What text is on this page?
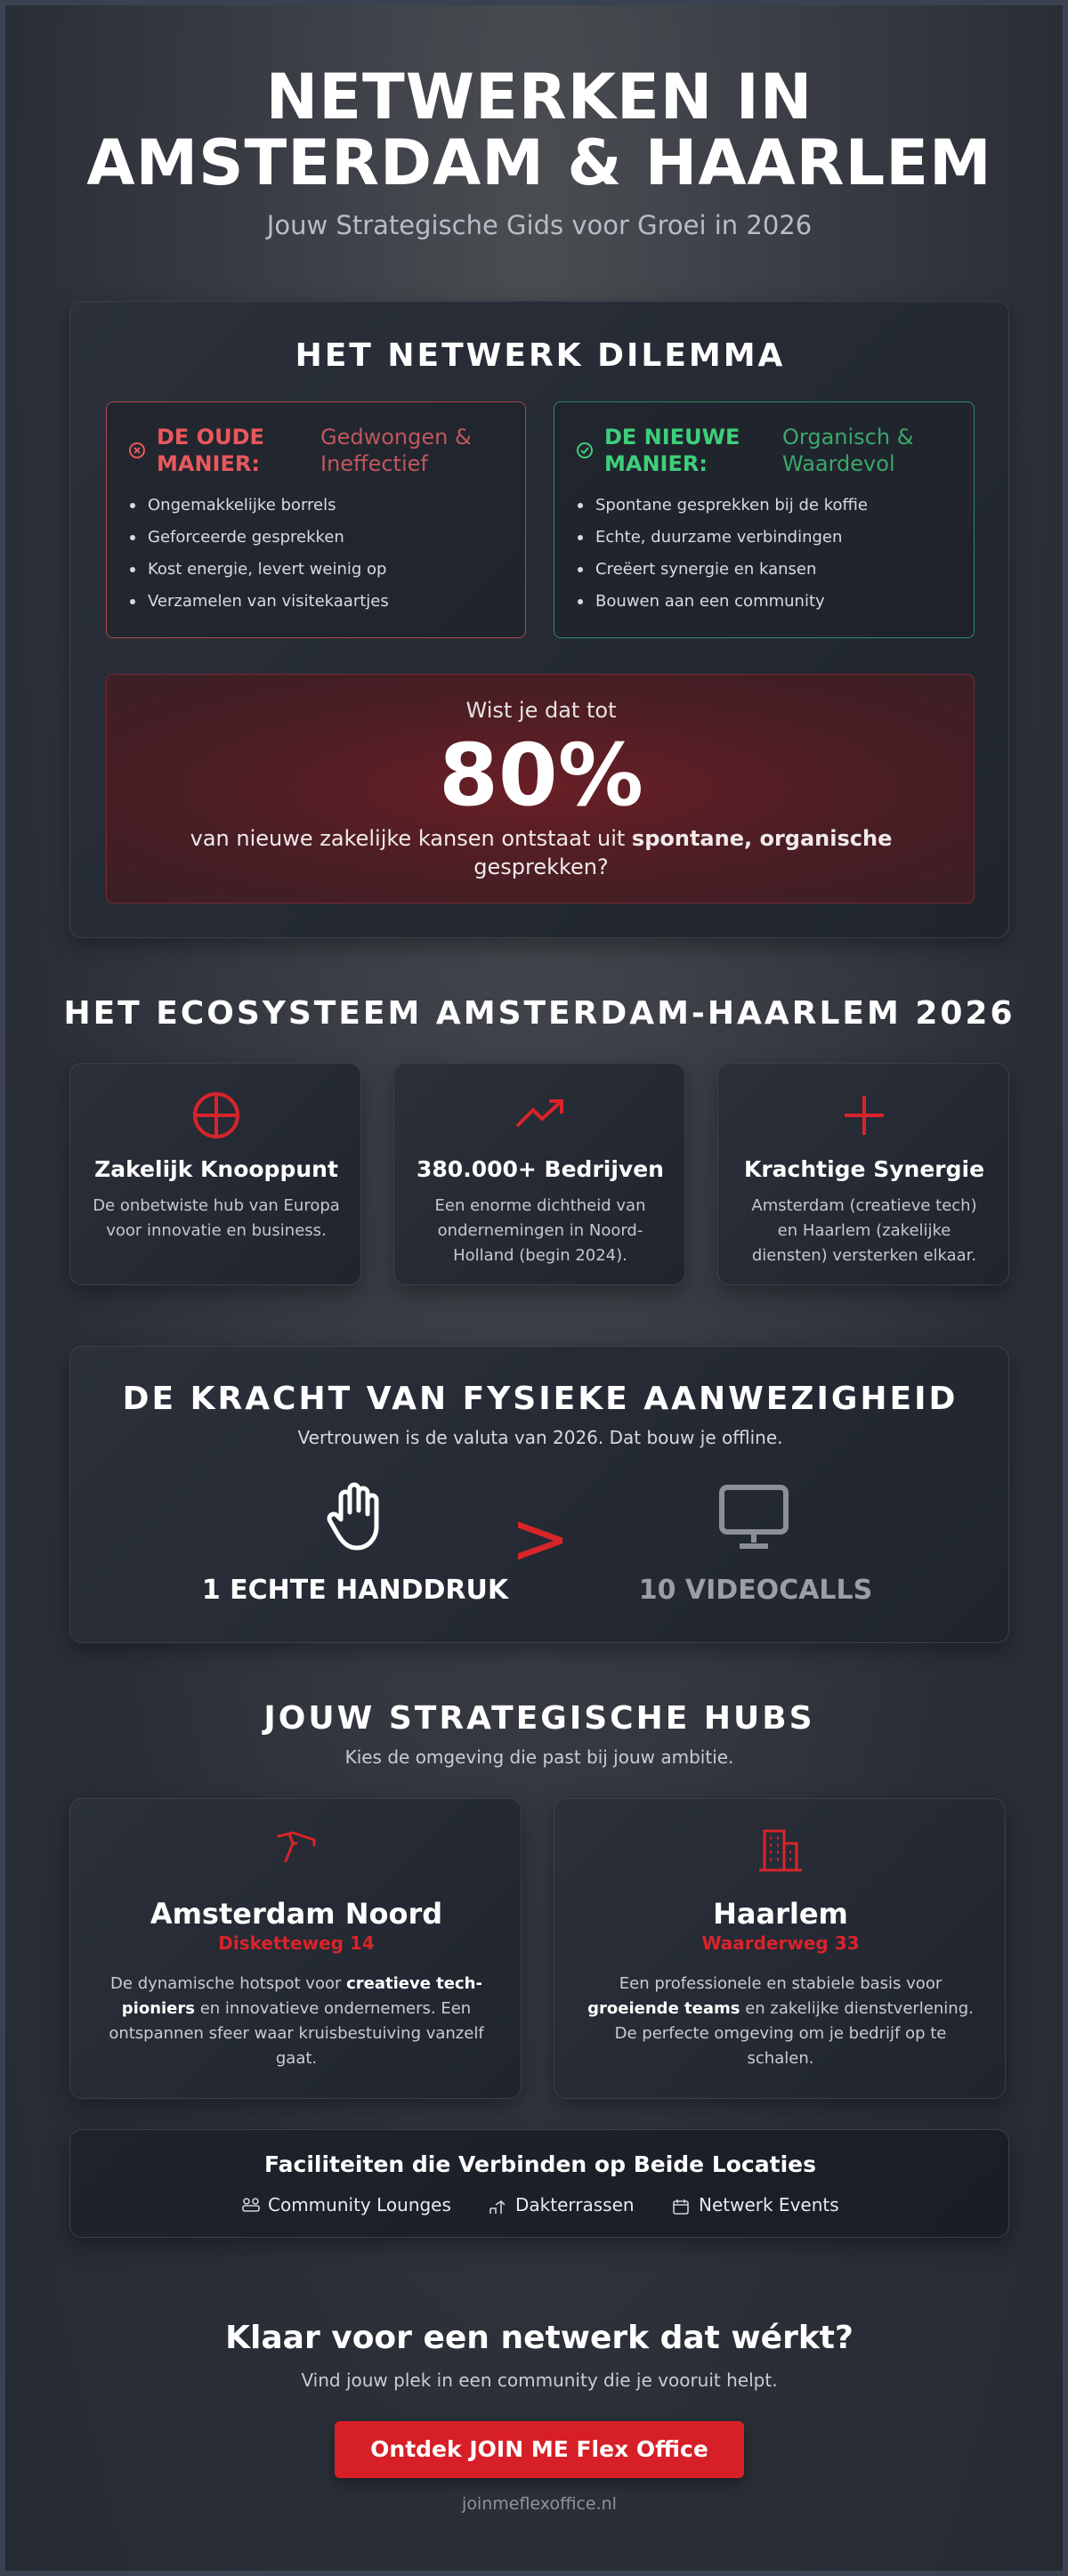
NETWERKEN IN
AMSTERDAM & HAARLEM
Jouw Strategische Gids voor Groei in 2026
HET NETWERK DILEMMA
DE OUDE
MANIER:
Gedwongen &
Ineffectief
Ongemakkelijke borrels
Geforceerde gesprekken
Kost energie, levert weinig op
Verzamelen van visitekaartjes
DE NIEUWE
MANIER:
Organisch &
Waardevol
Spontane gesprekken bij de koffie
Echte, duurzame verbindingen
Creëert synergie en kansen
Bouwen aan een community
Wist je dat tot
80%
van nieuwe zakelijke kansen ontstaat uit spontane, organische
gesprekken?
HET ECOSYSTEEM AMSTERDAM-HAARLEM 2026
Zakelijk Knooppunt
De onbetwiste hub van Europa
voor innovatie en business.
380.000+ Bedrijven
Een enorme dichtheid van
ondernemingen in Noord-
Holland (begin 2024).
Krachtige Synergie
Amsterdam (creatieve tech)
en Haarlem (zakelijke
diensten) versterken elkaar.
DE KRACHT VAN FYSIEKE AANWEZIGHEID
Vertrouwen is de valuta van 2026. Dat bouw je offline.
1 ECHTE HANDDRUK
>
10 VIDEOCALLS
JOUW STRATEGISCHE HUBS
Kies de omgeving die past bij jouw ambitie.
Amsterdam Noord
Disketteweg 14
De dynamische hotspot voor creatieve tech-
pioniers en innovatieve ondernemers. Een
ontspannen sfeer waar kruisbestuiving vanzelf
gaat.
Haarlem
Waarderweg 33
Een professionele en stabiele basis voor
groeiende teams en zakelijke dienstverlening.
De perfecte omgeving om je bedrijf op te
schalen.
Faciliteiten die Verbinden op Beide Locaties
Community Lounges	Dakterrassen	Netwerk Events
Klaar voor een netwerk dat wérkt?
Vind jouw plek in een community die je vooruit helpt.
Ontdek JOIN ME Flex Office
joinmeflexoffice.nl
